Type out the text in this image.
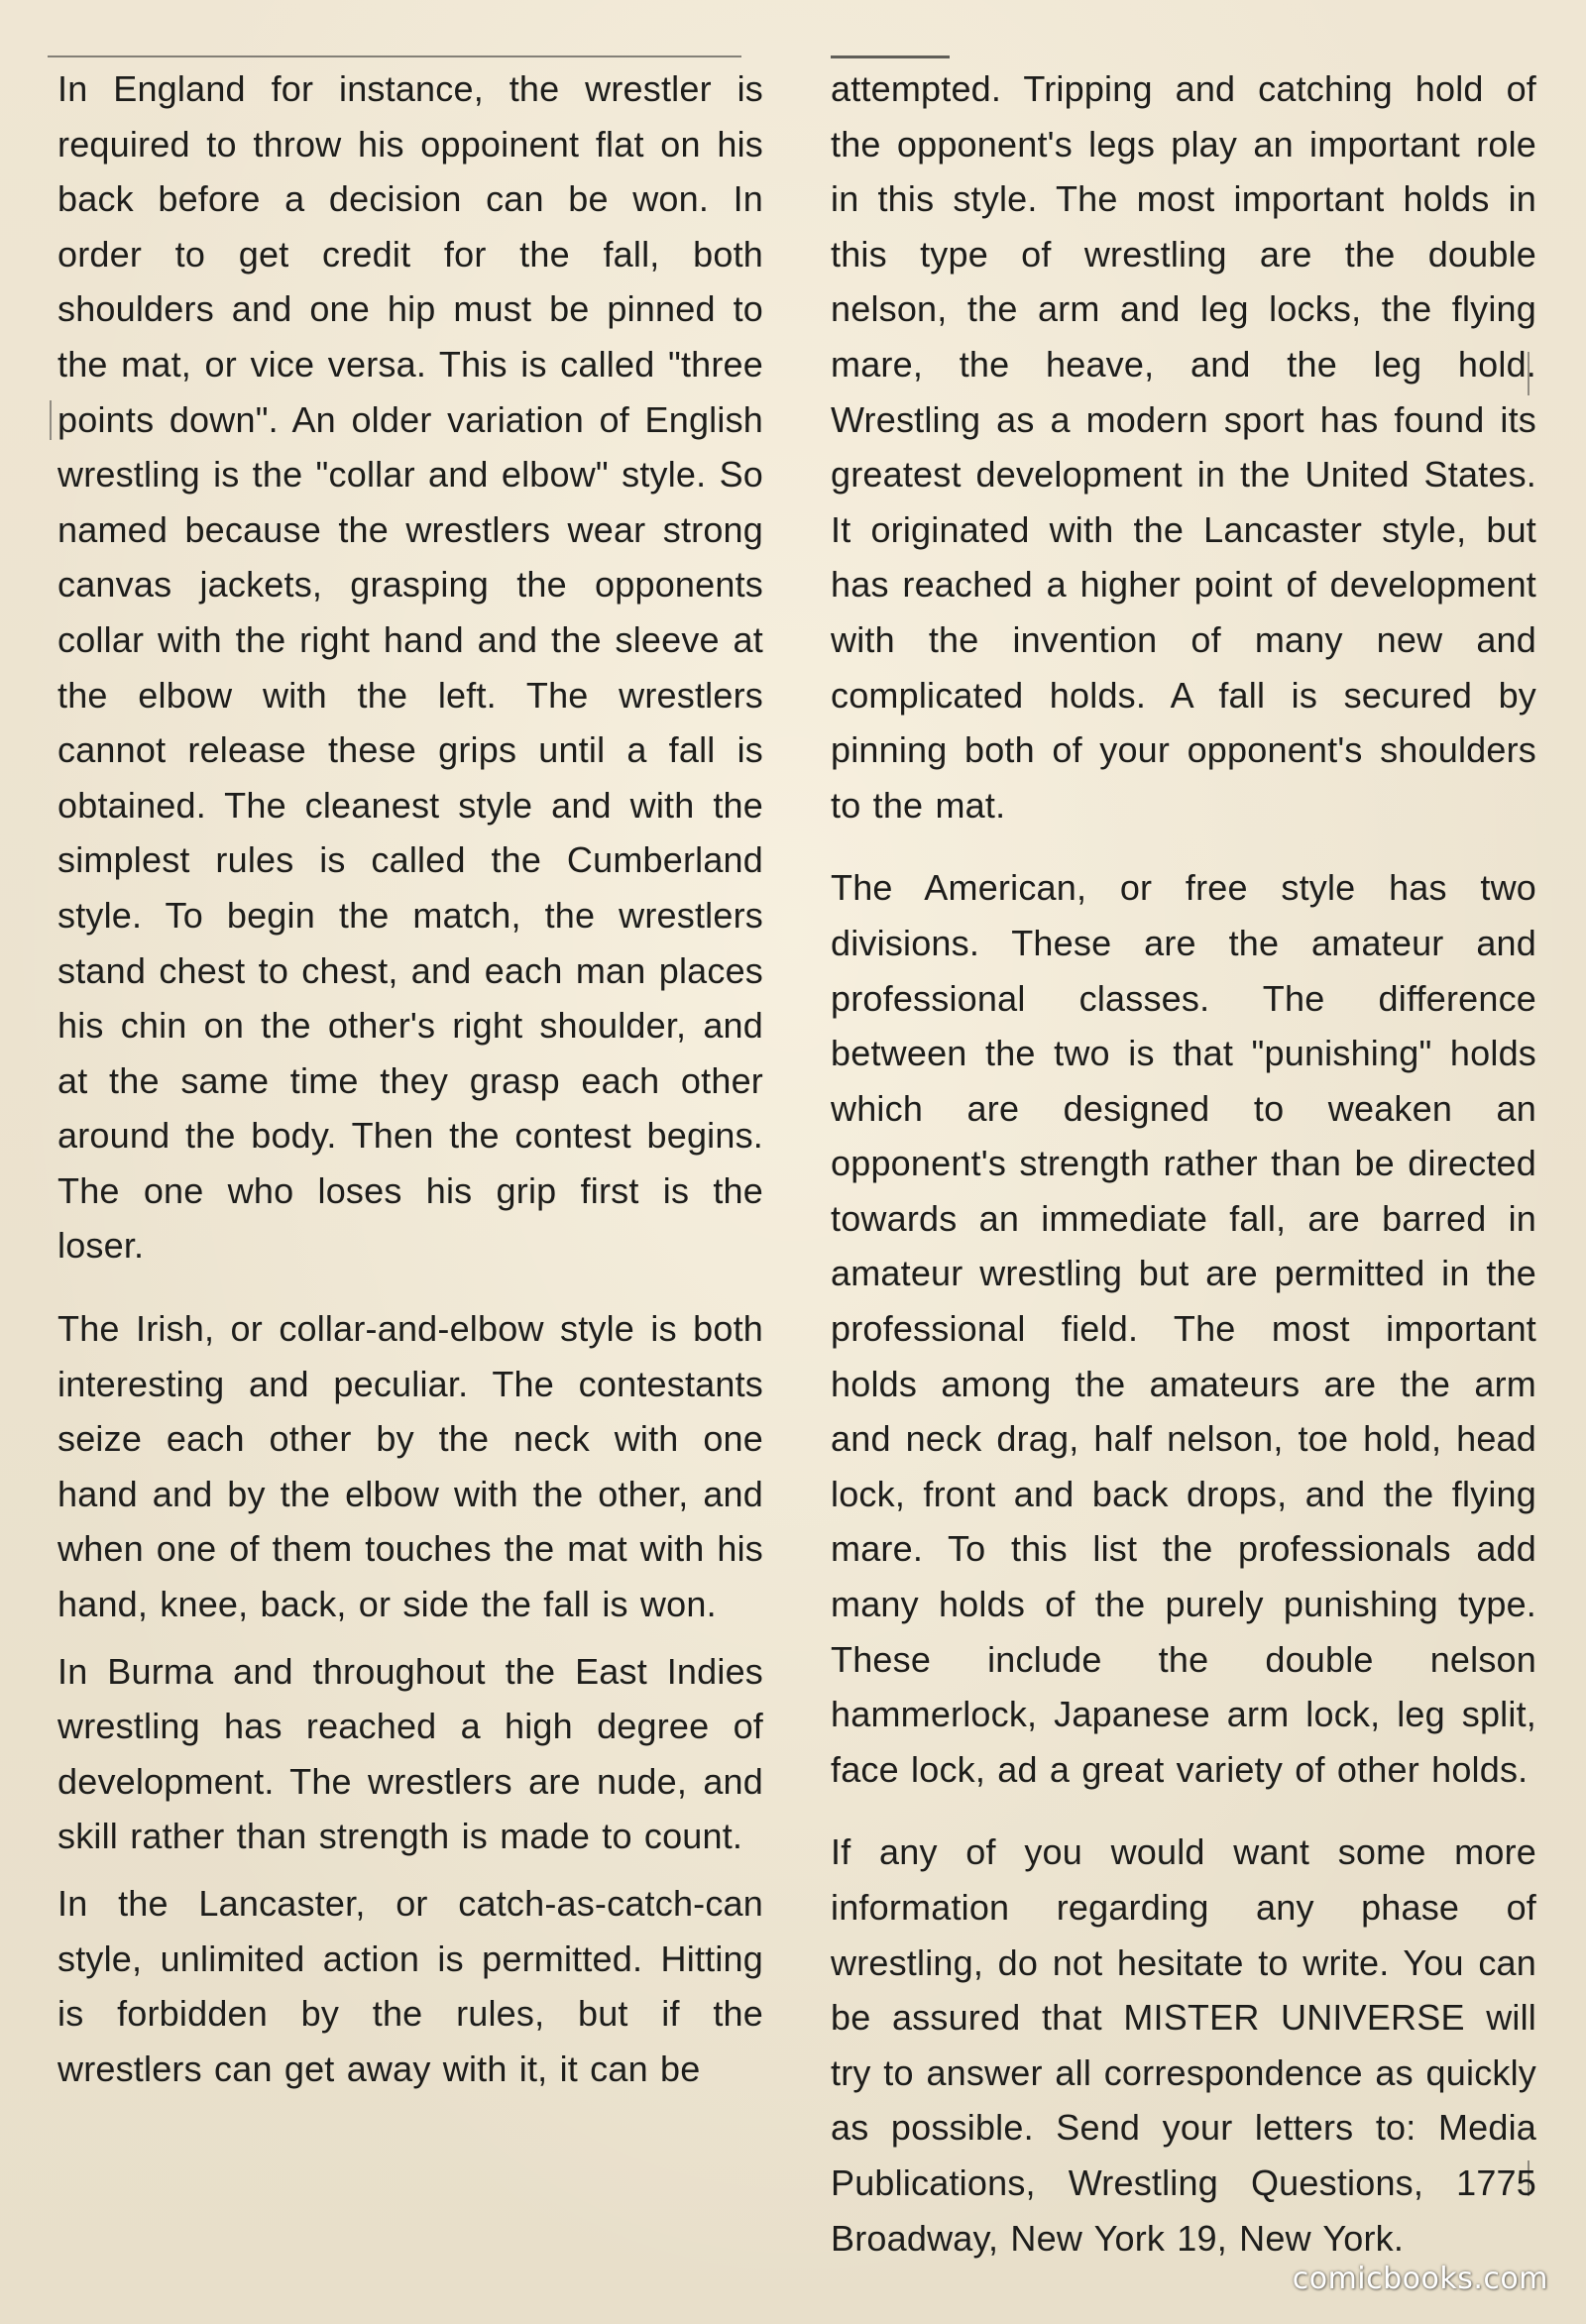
In England for instance, the wrestler is required to throw his oppoinent flat on his back before a decision can be won. In order to get credit for the fall, both shoulders and one hip must be pinned to the mat, or vice versa. This is called "three points down". An older variation of English wrestling is the "collar and elbow" style. So named because the wrestlers wear strong canvas jackets, grasping the opponents collar with the right hand and the sleeve at the elbow with the left. The wrestlers cannot release these grips until a fall is obtained. The cleanest style and with the simplest rules is called the Cumberland style. To begin the match, the wrestlers stand chest to chest, and each man places his chin on the other's right shoulder, and at the same time they grasp each other around the body. Then the contest begins. The one who loses his grip first is the loser.

The Irish, or collar-and-elbow style is both interesting and peculiar. The contestants seize each other by the neck with one hand and by the elbow with the other, and when one of them touches the mat with his hand, knee, back, or side the fall is won.

In Burma and throughout the East Indies wrestling has reached a high degree of development. The wrestlers are nude, and skill rather than strength is made to count.

In the Lancaster, or catch-as-catch-can style, unlimited action is permitted. Hitting is forbidden by the rules, but if the wrestlers can get away with it, it can be

attempted. Tripping and catching hold of the opponent's legs play an important role in this style. The most important holds in this type of wrestling are the double nelson, the arm and leg locks, the flying mare, the heave, and the leg hold. Wrestling as a modern sport has found its greatest development in the United States. It originated with the Lancaster style, but has reached a higher point of development with the invention of many new and complicated holds. A fall is secured by pinning both of your opponent's shoulders to the mat.

The American, or free style has two divisions. These are the amateur and professional classes. The difference between the two is that "punishing" holds which are designed to weaken an opponent's strength rather than be directed towards an immediate fall, are barred in amateur wrestling but are permitted in the professional field. The most important holds among the amateurs are the arm and neck drag, half nelson, toe hold, head lock, front and back drops, and the flying mare. To this list the professionals add many holds of the purely punishing type. These include the double nelson hammerlock, Japanese arm lock, leg split, face lock, ad a great variety of other holds.

If any of you would want some more information regarding any phase of wrestling, do not hesitate to write. You can be assured that MISTER UNIVERSE will try to answer all correspondence as quickly as possible. Send your letters to: Media Publications, Wrestling Questions, 1775 Broadway, New York 19, New York.

comicbooks.com
